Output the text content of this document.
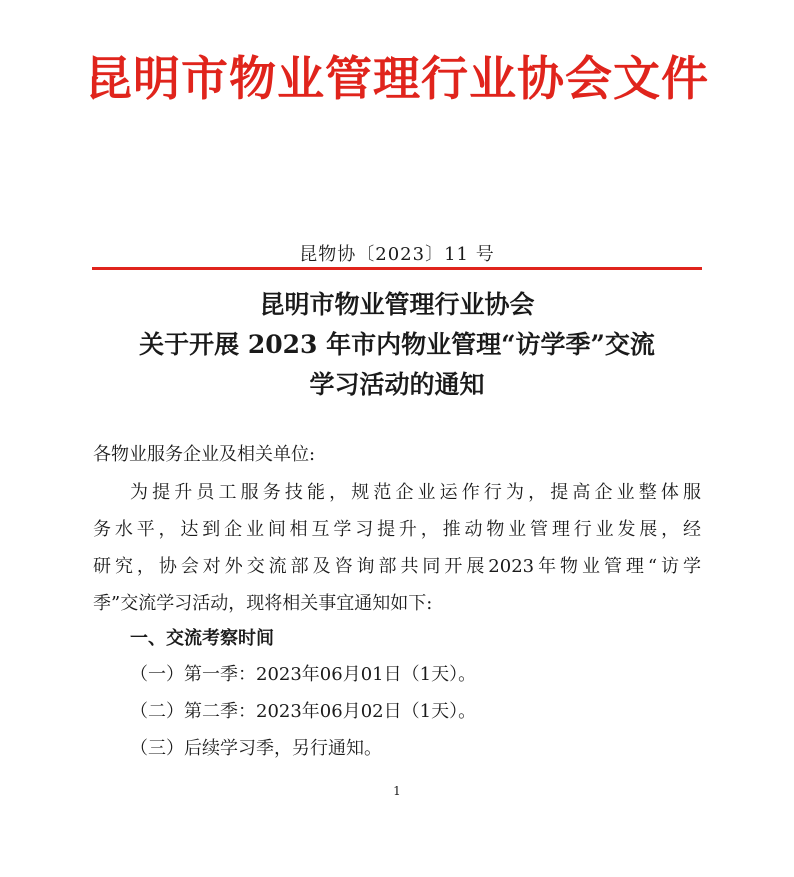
昆明市物业管理行业协会文件
昆物协〔2023〕11 号
昆明市物业管理行业协会
关于开展 2023 年市内物业管理“访学季”交流
学习活动的通知
各物业服务企业及相关单位:
为提升员工服务技能，规范企业运作行为，提高企业整体服
务水平，达到企业间相互学习提升，推动物业管理行业发展，经
研究，协会对外交流部及咨询部共同开展2023年物业管理“访学
季”交流学习活动，现将相关事宜通知如下:
一、交流考察时间
（一）第一季：2023年06月01日（1天）。
（二）第二季：2023年06月02日（1天）。
（三）后续学习季，另行通知。
1
